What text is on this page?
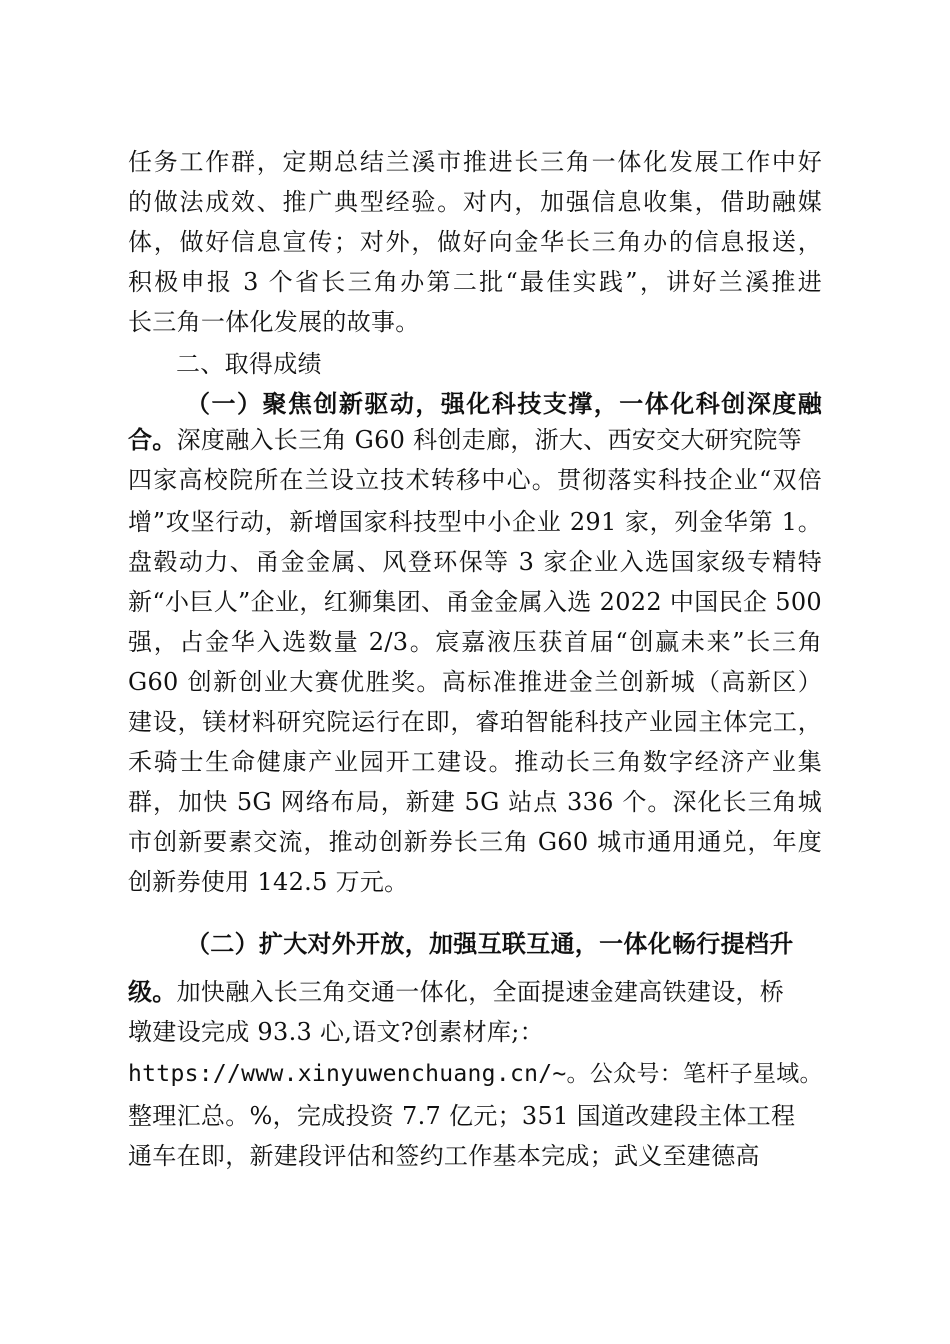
任务工作群，定期总结兰溪市推进长三角一体化发展工作中好
的做法成效、推广典型经验。对内，加强信息收集，借助融媒
体，做好信息宣传；对外，做好向金华长三角办的信息报送，
积极申报 3 个省长三角办第二批“最佳实践”，讲好兰溪推进
长三角一体化发展的故事。
二、取得成绩
（一）聚焦创新驱动，强化科技支撑，一体化科创深度融
合。深度融入长三角 G60 科创走廊，浙大、西安交大研究院等
四家高校院所在兰设立技术转移中心。贯彻落实科技企业“双倍
增”攻坚行动，新增国家科技型中小企业 291 家，列金华第 1。
盘毂动力、甬金金属、风登环保等 3 家企业入选国家级专精特
新“小巨人”企业，红狮集团、甬金金属入选 2022 中国民企 500
强，占金华入选数量 2/3。宸嘉液压获首届“创赢未来”长三角
G60 创新创业大赛优胜奖。高标准推进金兰创新城（高新区）
建设，镁材料研究院运行在即，睿珀智能科技产业园主体完工，
禾骑士生命健康产业园开工建设。推动长三角数字经济产业集
群，加快 5G 网络布局，新建 5G 站点 336 个。深化长三角城
市创新要素交流，推动创新券长三角 G60 城市通用通兑，年度
创新券使用 142.5 万元。
（二）扩大对外开放，加强互联互通，一体化畅行提档升
级。加快融入长三角交通一体化，全面提速金建高铁建设，桥
墩建设完成 93.3 心,语文?创素材库;：
https://www.xinyuwenchuang.cn/~。公众号：笔杆子星域。
整理汇总。%，完成投资 7.7 亿元；351 国道改建段主体工程
通车在即，新建段评估和签约工作基本完成；武义至建德高
